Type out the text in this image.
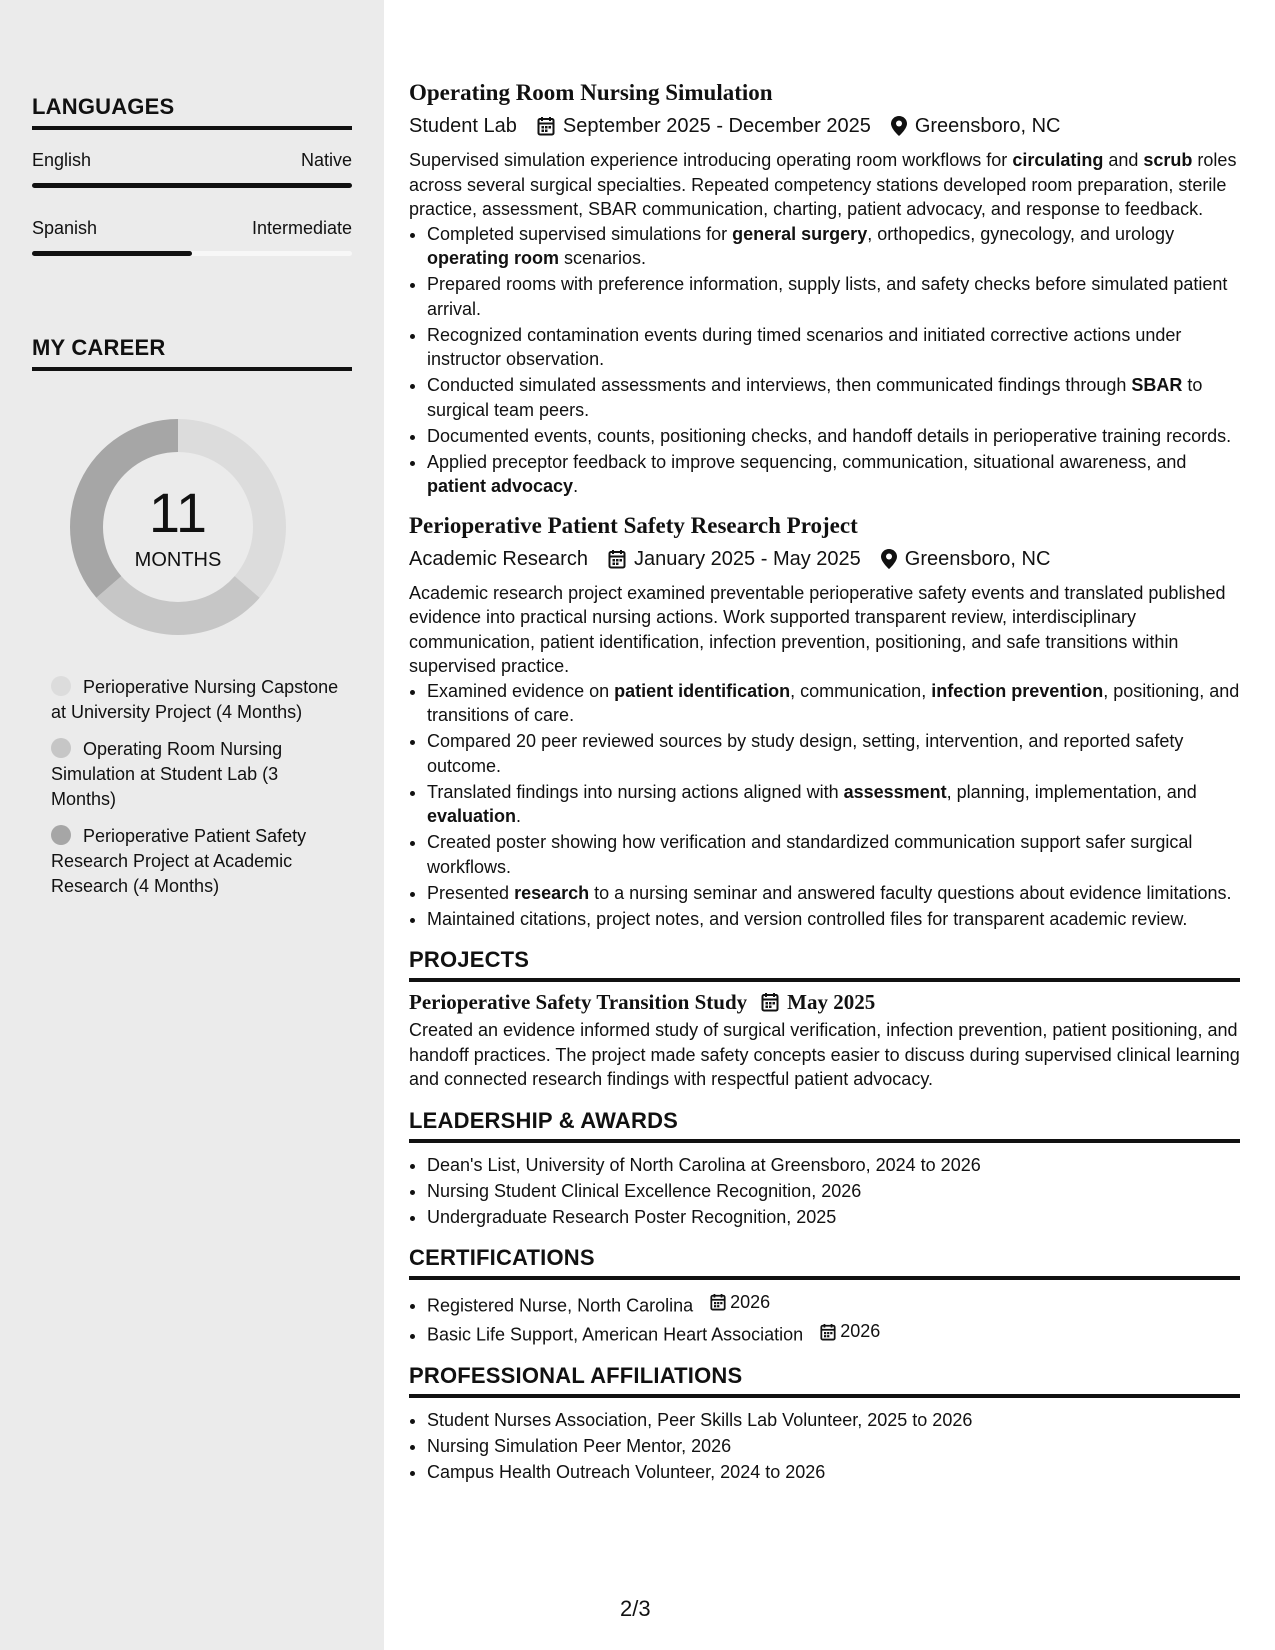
LANGUAGES
English	Native
Spanish	Intermediate
MY CAREER
11
MONTHS
Perioperative Nursing Capstone at University Project (4 Months)
Operating Room Nursing Simulation at Student Lab (3 Months)
Perioperative Patient Safety Research Project at Academic Research (4 Months)
Operating Room Nursing Simulation
Student Lab September 2025 - December 2025 Greensboro, NC

Supervised simulation experience introducing operating room workflows for circulating and scrub roles across several surgical specialties. Repeated competency stations developed room preparation, sterile practice, assessment, SBAR communication, charting, patient advocacy, and response to feedback.

• Completed supervised simulations for general surgery, orthopedics, gynecology, and urology operating room scenarios.
• Prepared rooms with preference information, supply lists, and safety checks before simulated patient arrival.
• Recognized contamination events during timed scenarios and initiated corrective actions under instructor observation.
• Conducted simulated assessments and interviews, then communicated findings through SBAR to surgical team peers.
• Documented events, counts, positioning checks, and handoff details in perioperative training records.
• Applied preceptor feedback to improve sequencing, communication, situational awareness, and patient advocacy.
Perioperative Patient Safety Research Project
Academic Research January 2025 - May 2025 Greensboro, NC

Academic research project examined preventable perioperative safety events and translated published evidence into practical nursing actions. Work supported transparent review, interdisciplinary communication, patient identification, infection prevention, positioning, and safe transitions within supervised practice.

• Examined evidence on patient identification, communication, infection prevention, positioning, and transitions of care.
• Compared 20 peer reviewed sources by study design, setting, intervention, and reported safety outcome.
• Translated findings into nursing actions aligned with assessment, planning, implementation, and evaluation.
• Created poster showing how verification and standardized communication support safer surgical workflows.
• Presented research to a nursing seminar and answered faculty questions about evidence limitations.
• Maintained citations, project notes, and version controlled files for transparent academic review.
PROJECTS
Perioperative Safety Transition Study May 2025

Created an evidence informed study of surgical verification, infection prevention, patient positioning, and handoff practices. The project made safety concepts easier to discuss during supervised clinical learning and connected research findings with respectful patient advocacy.

LEADERSHIP & AWARDS
• Dean's List, University of North Carolina at Greensboro, 2024 to 2026
• Nursing Student Clinical Excellence Recognition, 2026
• Undergraduate Research Poster Recognition, 2025
CERTIFICATIONS
• Registered Nurse, North Carolina 2026
• Basic Life Support, American Heart Association 2026
PROFESSIONAL AFFILIATIONS
• Student Nurses Association, Peer Skills Lab Volunteer, 2025 to 2026
• Nursing Simulation Peer Mentor, 2026
• Campus Health Outreach Volunteer, 2024 to 2026
2/3
